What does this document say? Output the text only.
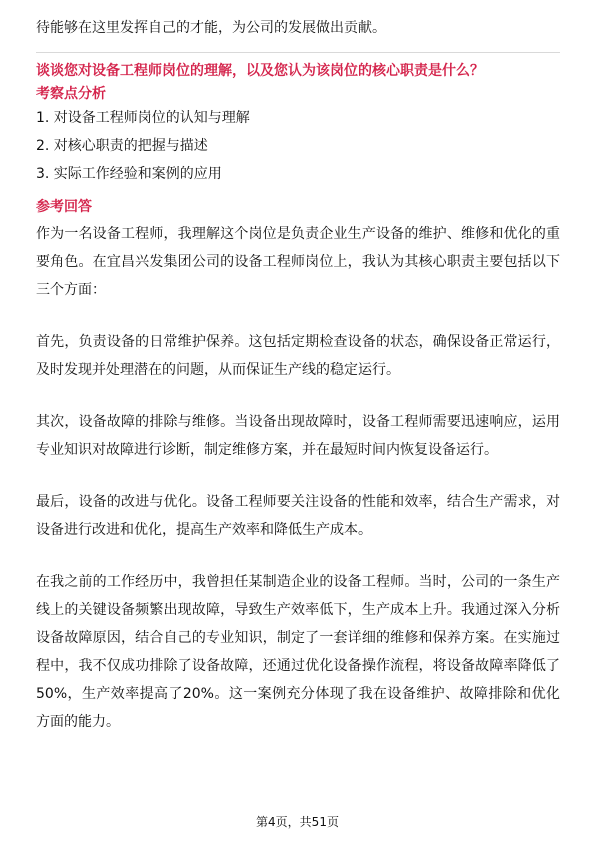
待能够在这里发挥自己的才能，为公司的发展做出贡献。

谈谈您对设备工程师岗位的理解，以及您认为该岗位的核心职责是什么？

考察点分析

1. 对设备工程师岗位的认知与理解

2. 对核心职责的把握与描述

3. 实际工作经验和案例的应用

参考回答

作为一名设备工程师，我理解这个岗位是负责企业生产设备的维护、维修和优化的重要角色。在宜昌兴发集团公司的设备工程师岗位上，我认为其核心职责主要包括以下三个方面：

首先，负责设备的日常维护保养。这包括定期检查设备的状态，确保设备正常运行，及时发现并处理潜在的问题，从而保证生产线的稳定运行。

其次，设备故障的排除与维修。当设备出现故障时，设备工程师需要迅速响应，运用专业知识对故障进行诊断，制定维修方案，并在最短时间内恢复设备运行。

最后，设备的改进与优化。设备工程师要关注设备的性能和效率，结合生产需求，对设备进行改进和优化，提高生产效率和降低生产成本。

在我之前的工作经历中，我曾担任某制造企业的设备工程师。当时，公司的一条生产线上的关键设备频繁出现故障，导致生产效率低下，生产成本上升。我通过深入分析设备故障原因，结合自己的专业知识，制定了一套详细的维修和保养方案。在实施过程中，我不仅成功排除了设备故障，还通过优化设备操作流程，将设备故障率降低了50%，生产效率提高了20%。这一案例充分体现了我在设备维护、故障排除和优化方面的能力。

第4页，共51页
